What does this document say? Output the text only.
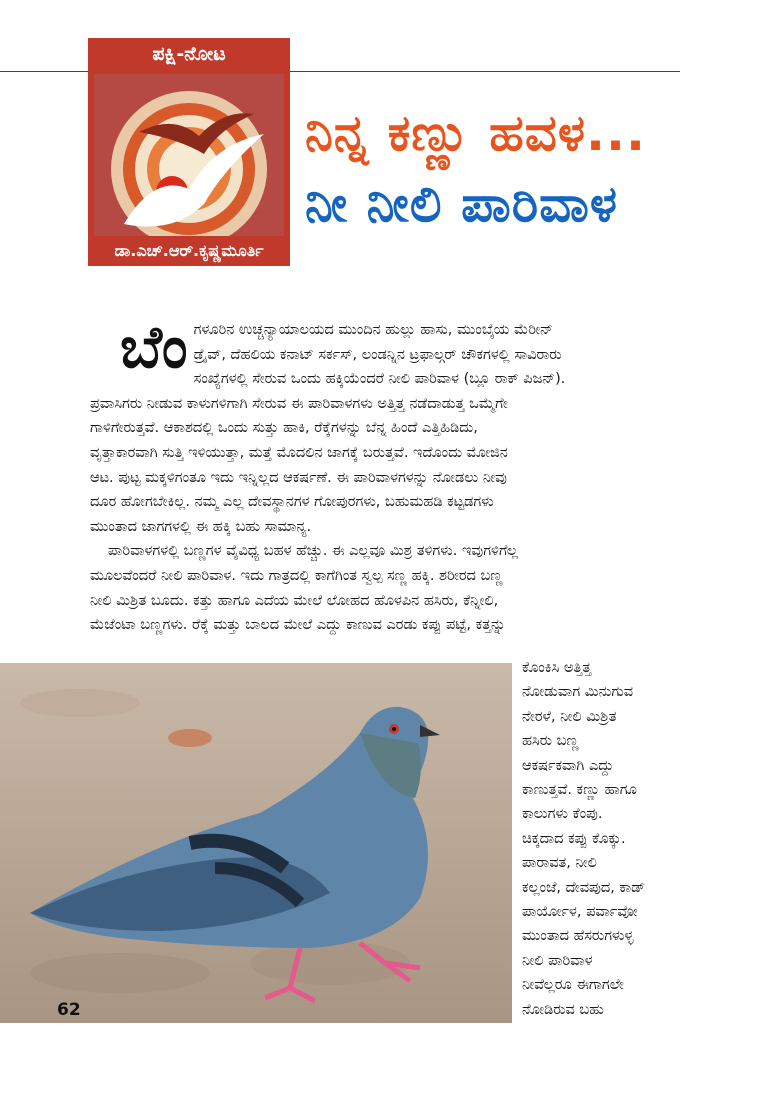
ಪಕ್ಷಿ-ನೋಟ
ಡಾ.ಎಚ್.ಆರ್.ಕೃಷ್ಣಮೂರ್ತಿ
ನಿನ್ನ ಕಣ್ಣು ಹವಳ...
ನೀ ನೀಲಿ ಪಾರಿವಾಳ

ಬೆಂ ಗಳೂರಿನ ಉಚ್ಚನ್ಯಾಯಾಲಯದ ಮುಂದಿನ ಹುಲ್ಲು ಹಾಸು, ಮುಂಬೈಯ ಮೆರೀನ್
ಡ್ರೈವ್, ದೆಹಲಿಯ ಕನಾಟ್ ಸರ್ಕಸ್, ಲಂಡನ್ನಿನ ಟ್ರಫಾಲ್ಗರ್ ಚೌಕಗಳಲ್ಲಿ ಸಾವಿರಾರು
ಸಂಖ್ಯೆಗಳಲ್ಲಿ ಸೇರುವ ಒಂದು ಹಕ್ಕಿಯೆಂದರೆ ನೀಲಿ ಪಾರಿವಾಳ (ಬ್ಲೂ ರಾಕ್ ಪಿಜನ್).
ಪ್ರವಾಸಿಗರು ನೀಡುವ ಕಾಳುಗಳಿಗಾಗಿ ಸೇರುವ ಈ ಪಾರಿವಾಳಗಳು ಅತ್ತಿತ್ತ ನಡೆದಾಡುತ್ತ ಒಮ್ಮೆಗೇ
ಗಾಳಿಗೇರುತ್ತವೆ. ಆಕಾಶದಲ್ಲಿ ಒಂದು ಸುತ್ತು ಹಾಕಿ, ರೆಕ್ಕೆಗಳನ್ನು ಬೆನ್ನ ಹಿಂದೆ ಎತ್ತಿಹಿಡಿದು,
ವೃತ್ತಾಕಾರವಾಗಿ ಸುತ್ತಿ ಇಳಿಯುತ್ತಾ, ಮತ್ತೆ ಮೊದಲಿನ ಜಾಗಕ್ಕೆ ಬರುತ್ತವೆ. ಇದೊಂದು ಮೋಜಿನ
ಆಟ. ಪುಟ್ಟ ಮಕ್ಕಳಿಗಂತೂ ಇದು ಇನ್ನಿಲ್ಲದ ಆಕರ್ಷಣೆ. ಈ ಪಾರಿವಾಳಗಳನ್ನು ನೋಡಲು ನೀವು
ದೂರ ಹೋಗಬೇಕಿಲ್ಲ. ನಮ್ಮ ಎಲ್ಲ ದೇವಸ್ಥಾನಗಳ ಗೋಪುರಗಳು, ಬಹುಮಹಡಿ ಕಟ್ಟಡಗಳು
ಮುಂತಾದ ಜಾಗಗಳಲ್ಲಿ ಈ ಹಕ್ಕಿ ಬಹು ಸಾಮಾನ್ಯ.

ಪಾರಿವಾಳಗಳಲ್ಲಿ ಬಣ್ಣಗಳ ವೈವಿಧ್ಯ ಬಹಳ ಹೆಚ್ಚು. ಈ ಎಲ್ಲವೂ ಮಿಶ್ರ ತಳಿಗಳು. ಇವುಗಳಿಗೆಲ್ಲ
ಮೂಲವೆಂದರೆ ನೀಲಿ ಪಾರಿವಾಳ. ಇದು ಗಾತ್ರದಲ್ಲಿ ಕಾಗೆಗಿಂತ ಸ್ವಲ್ಪ ಸಣ್ಣ ಹಕ್ಕಿ. ಶರೀರದ ಬಣ್ಣ
ನೀಲಿ ಮಿಶ್ರಿತ ಬೂದು. ಕತ್ತು ಹಾಗೂ ಎದೆಯ ಮೇಲೆ ಲೋಹದ ಹೊಳಪಿನ ಹಸಿರು, ಕೆನ್ನೀಲಿ,
ಮೆಜೆಂಟಾ ಬಣ್ಣಗಳು. ರೆಕ್ಕೆ ಮತ್ತು ಬಾಲದ ಮೇಲೆ ಎದ್ದು ಕಾಣುವ ಎರಡು ಕಪ್ಪು ಪಟ್ಟೆ, ಕತ್ತನ್ನು

62
ಕೊಂಕಿಸಿ ಅತ್ತಿತ್ತ
ನೋಡುವಾಗ ಮಿನುಗುವ
ನೇರಳೆ, ನೀಲಿ ಮಿಶ್ರಿತ
ಹಸಿರು ಬಣ್ಣ
ಆಕರ್ಷಕವಾಗಿ ಎದ್ದು
ಕಾಣುತ್ತವೆ. ಕಣ್ಣು ಹಾಗೂ
ಕಾಲುಗಳು ಕೆಂಪು.
ಚಿಕ್ಕದಾದ ಕಪ್ಪು ಕೊಕ್ಕು.
ಪಾರಾವತ, ನೀಲಿ
ಕಲ್ಲಂಜೆ, ದೇವಪುದ, ಕಾಡ್
ಪಾರ್ಯೋಳ, ಪರ್ವಾವೋ
ಮುಂತಾದ ಹೆಸರುಗಳುಳ್ಳ
ನೀಲಿ ಪಾರಿವಾಳ
ನೀವೆಲ್ಲರೂ ಈಗಾಗಲೇ
ನೋಡಿರುವ ಬಹು
